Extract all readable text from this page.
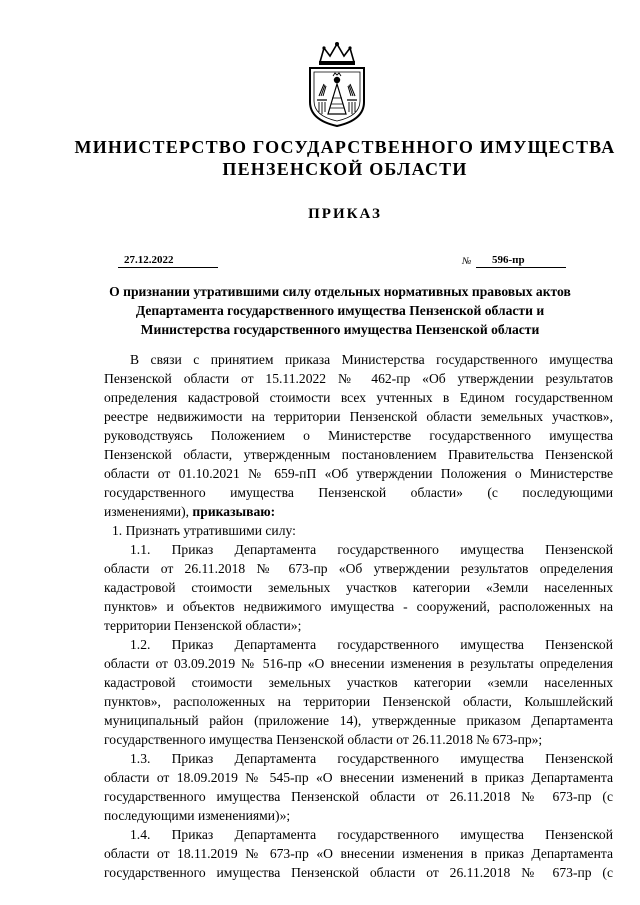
МИНИСТЕРСТВО ГОСУДАРСТВЕННОГО ИМУЩЕСТВА
ПЕНЗЕНСКОЙ ОБЛАСТИ
ПРИКАЗ
27.12.2022	№	596-пр
О признании утратившими силу отдельных нормативных правовых актов
Департамента государственного имущества Пензенской области и
Министерства государственного имущества Пензенской области
В связи с принятием приказа Министерства государственного имущества
Пензенской области от 15.11.2022 № 462-пр «Об утверждении результатов
определения кадастровой стоимости всех учтенных в Едином государственном
реестре недвижимости на территории Пензенской области земельных участков»,
руководствуясь Положением о Министерстве государственного имущества
Пензенской области, утвержденным постановлением Правительства Пензенской
области от 01.10.2021 № 659-пП «Об утверждении Положения о Министерстве
государственного имущества Пензенской области» (с последующими
изменениями), приказываю:
1. Признать утратившими силу:
1.1. Приказ Департамента государственного имущества Пензенской
области от 26.11.2018 № 673-пр «Об утверждении результатов определения
кадастровой стоимости земельных участков категории «Земли населенных
пунктов» и объектов недвижимого имущества - сооружений, расположенных на
территории Пензенской области»;
1.2. Приказ Департамента государственного имущества Пензенской
области от 03.09.2019 № 516-пр «О внесении изменения в результаты определения
кадастровой стоимости земельных участков категории «земли населенных
пунктов», расположенных на территории Пензенской области, Колышлейский
муниципальный район (приложение 14), утвержденные приказом Департамента
государственного имущества Пензенской области от 26.11.2018 № 673-пр»;
1.3. Приказ Департамента государственного имущества Пензенской
области от 18.09.2019 № 545-пр «О внесении изменений в приказ Департамента
государственного имущества Пензенской области от 26.11.2018 № 673-пр (с
последующими изменениями)»;
1.4. Приказ Департамента государственного имущества Пензенской
области от 18.11.2019 № 673-пр «О внесении изменения в приказ Департамента
государственного имущества Пензенской области от 26.11.2018 № 673-пр (с
